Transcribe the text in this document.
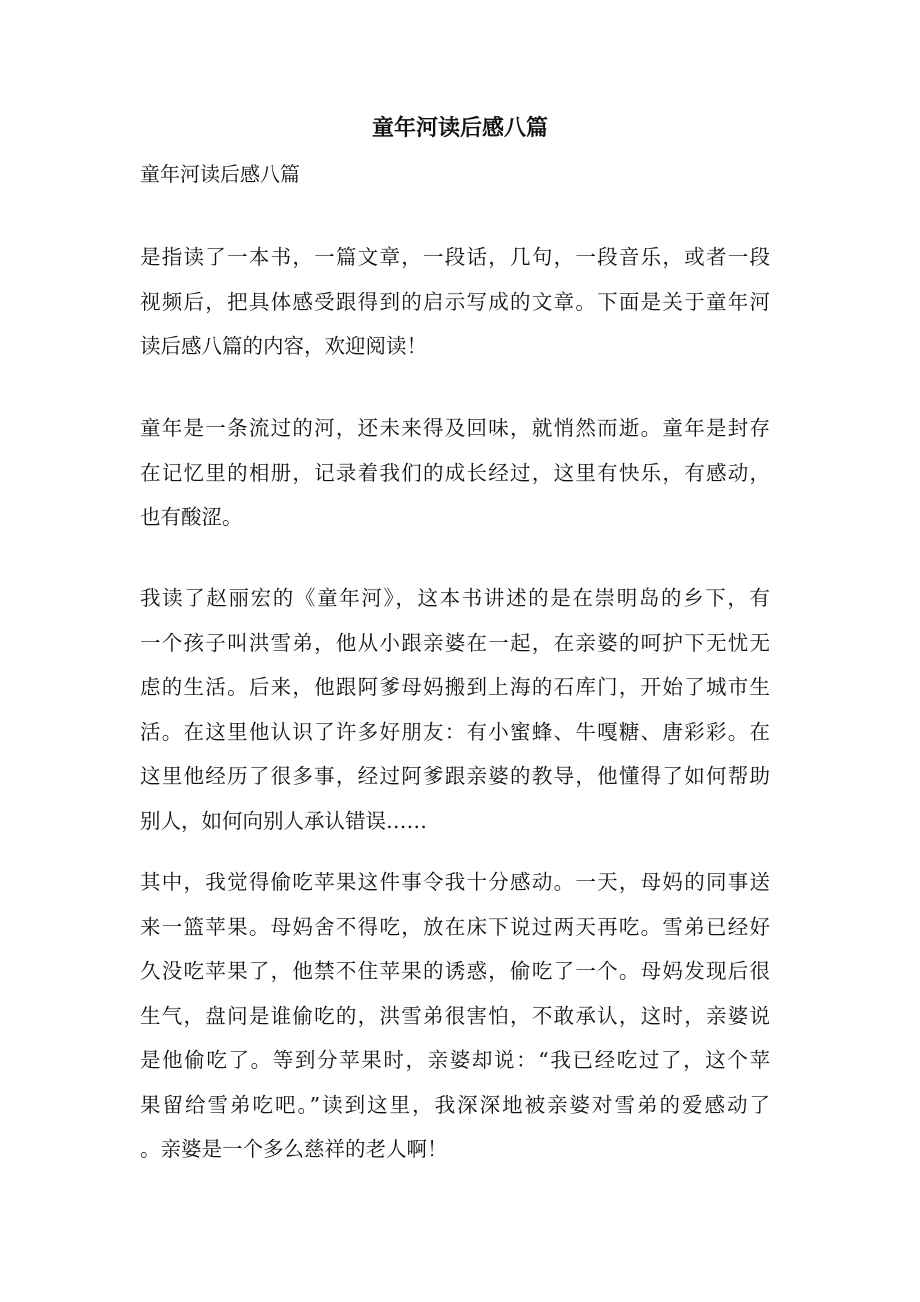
童年河读后感八篇
童年河读后感八篇
是指读了一本书，一篇文章，一段话，几句，一段音乐，或者一段
视频后，把具体感受跟得到的启示写成的文章。下面是关于童年河
读后感八篇的内容，欢迎阅读！
童年是一条流过的河，还未来得及回味，就悄然而逝。童年是封存
在记忆里的相册，记录着我们的成长经过，这里有快乐，有感动，
也有酸涩。
我读了赵丽宏的《童年河》，这本书讲述的是在崇明岛的乡下，有
一个孩子叫洪雪弟，他从小跟亲婆在一起，在亲婆的呵护下无忧无
虑的生活。后来，他跟阿爹母妈搬到上海的石库门，开始了城市生
活。在这里他认识了许多好朋友：有小蜜蜂、牛嘎糖、唐彩彩。在
这里他经历了很多事，经过阿爹跟亲婆的教导，他懂得了如何帮助
别人，如何向别人承认错误……
其中，我觉得偷吃苹果这件事令我十分感动。一天，母妈的同事送
来一篮苹果。母妈舍不得吃，放在床下说过两天再吃。雪弟已经好
久没吃苹果了，他禁不住苹果的诱惑，偷吃了一个。母妈发现后很
生气，盘问是谁偷吃的，洪雪弟很害怕，不敢承认，这时，亲婆说
是他偷吃了。等到分苹果时，亲婆却说：“我已经吃过了，这个苹
果留给雪弟吃吧。”读到这里，我深深地被亲婆对雪弟的爱感动了
。亲婆是一个多么慈祥的老人啊！
